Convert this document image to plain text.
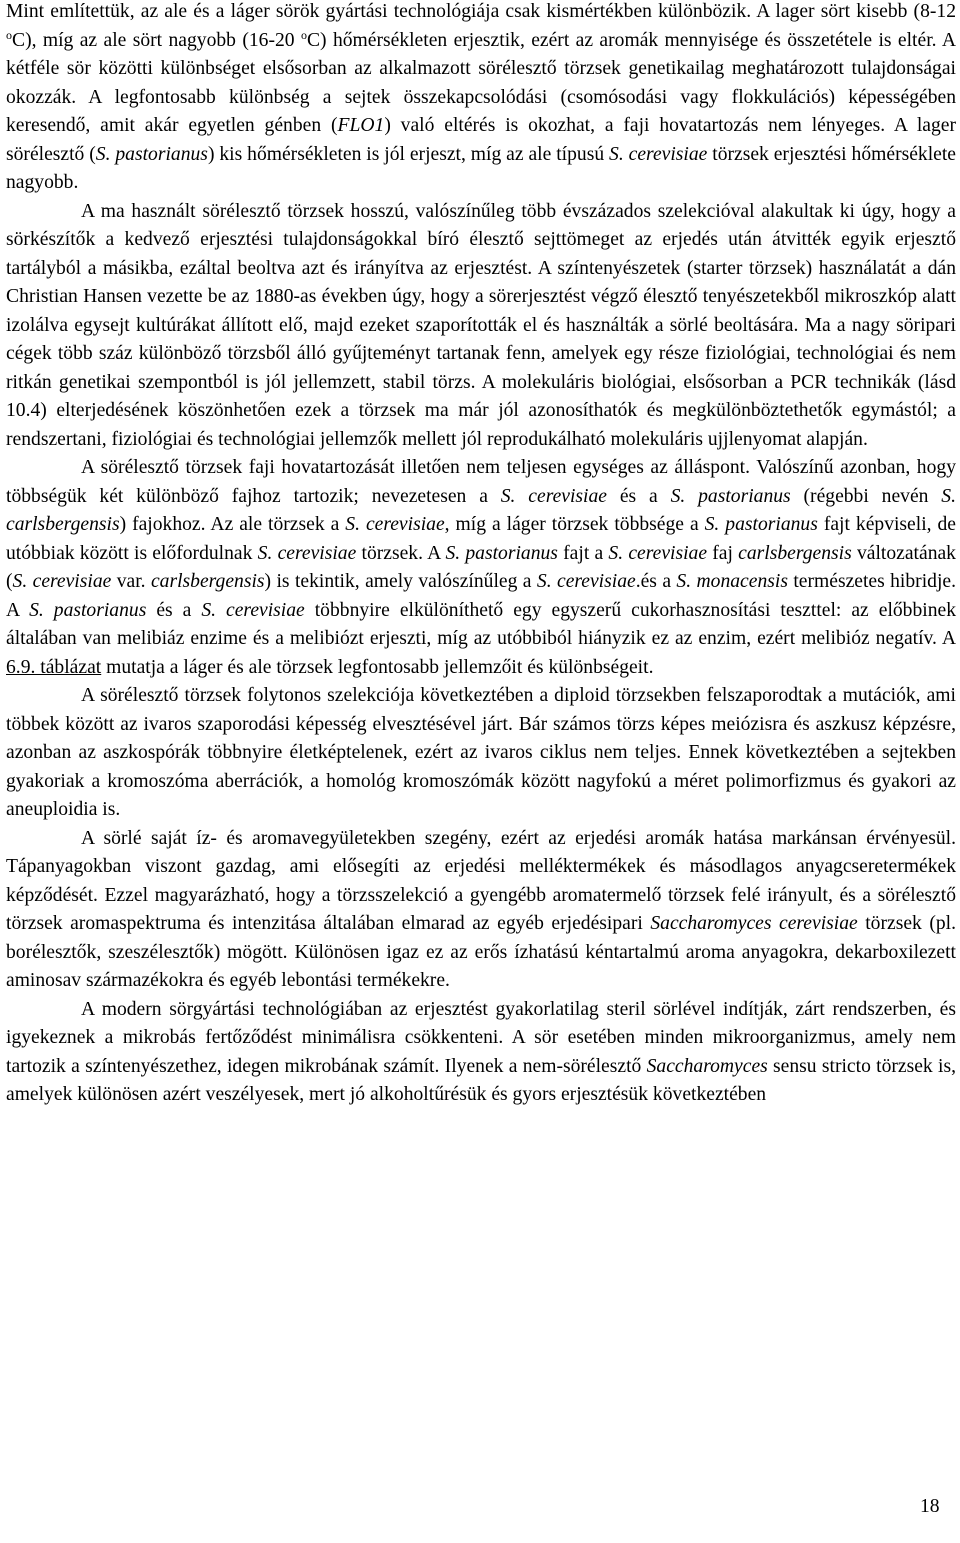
Mint említettük, az ale és a láger sörök gyártási technológiája csak kismértékben különbözik. A lager sört kisebb (8-12 $^o$C), míg az ale sört nagyobb (16-20 $^o$C) hőmérsékleten erjesztik, ezért az aromák mennyisége és összetétele is eltér. A kétféle sör közötti különbséget elsősorban az alkalmazott sörélesztő törzsek genetikailag meghatározott tulajdonságai okozzák. A legfontosabb különbség a sejtek összekapcsolódási (csomósodási vagy flokkulációs) képességében keresendő, amit akár egyetlen génben (FLO1) való eltérés is okozhat, a faji hovatartozás nem lényeges. A lager sörélesztő (S. pastorianus) kis hőmérsékleten is jól erjeszt, míg az ale típusú S. cerevisiae törzsek erjesztési hőmérséklete nagyobb.

A ma használt sörélesztő törzsek hosszú, valószínűleg több évszázados szelekcióval alakultak ki úgy, hogy a sörkészítők a kedvező erjesztési tulajdonságokkal bíró élesztő sejttömeget az erjedés után átvitték egyik erjesztő tartályból a másikba, ezáltal beoltva azt és irányítva az erjesztést. A színtenyészetek (starter törzsek) használatát a dán Christian Hansen vezette be az 1880-as években úgy, hogy a sörerjesztést végző élesztő tenyészetekből mikroszkóp alatt izolálva egysejt kultúrákat állított elő, majd ezeket szaporították el és használták a sörlé beoltására. Ma a nagy söripari cégek több száz különböző törzsből álló gyűjteményt tartanak fenn, amelyek egy része fiziológiai, technológiai és nem ritkán genetikai szempontból is jól jellemzett, stabil törzs. A molekuláris biológiai, elsősorban a PCR technikák (lásd 10.4) elterjedésének köszönhetően ezek a törzsek ma már jól azonosíthatók és megkülönböztethetők egymástól; a rendszertani, fiziológiai és technológiai jellemzők mellett jól reprodukálható molekuláris ujjlenyomat alapján.

A sörélesztő törzsek faji hovatartozását illetően nem teljesen egységes az álláspont. Valószínű azonban, hogy többségük két különböző fajhoz tartozik; nevezetesen a S. cerevisiae és a S. pastorianus (régebbi nevén S. carlsbergensis) fajokhoz. Az ale törzsek a S. cerevisiae, míg a láger törzsek többsége a S. pastorianus fajt képviseli, de utóbbiak között is előfordulnak S. cerevisiae törzsek. A S. pastorianus fajt a S. cerevisiae faj carlsbergensis változatának (S. cerevisiae var. carlsbergensis) is tekintik, amely valószínűleg a S. cerevisiae.és a S. monacensis természetes hibridje. A S. pastorianus és a S. cerevisiae többnyire elkülöníthető egy egyszerű cukorhasznosítási teszttel: az előbbinek általában van melibiáz enzime és a melibiózt erjeszti, míg az utóbbiból hiányzik ez az enzim, ezért melibióz negatív. A 6.9. táblázat mutatja a láger és ale törzsek legfontosabb jellemzőit és különbségeit.

A sörélesztő törzsek folytonos szelekciója következtében a diploid törzsekben felszaporodtak a mutációk, ami többek között az ivaros szaporodási képesség elvesztésével járt. Bár számos törzs képes meiózisra és aszkusz képzésre, azonban az aszkospórák többnyire életképtelenek, ezért az ivaros ciklus nem teljes. Ennek következtében a sejtekben gyakoriak a kromoszóma aberrációk, a homológ kromoszómák között nagyfokú a méret polimorfizmus és gyakori az aneuploidia is.

A sörlé saját íz- és aromavegyületekben szegény, ezért az erjedési aromák hatása markánsan érvényesül. Tápanyagokban viszont gazdag, ami elősegíti az erjedési melléktermékek és másodlagos anyagcseretermékek képződését. Ezzel magyarázható, hogy a törzsszelekció a gyengébb aromatermelő törzsek felé irányult, és a sörélesztő törzsek aromaspektruma és intenzitása általában elmarad az egyéb erjedésipari Saccharomyces cerevisiae törzsek (pl. borélesztők, szeszélesztők) mögött. Különösen igaz ez az erős ízhatású kéntartalmú aroma anyagokra, dekarboxilezett aminosav származékokra és egyéb lebontási termékekre.

A modern sörgyártási technológiában az erjesztést gyakorlatilag steril sörlével indítják, zárt rendszerben, és igyekeznek a mikrobás fertőződést minimálisra csökkenteni. A sör esetében minden mikroorganizmus, amely nem tartozik a színtenyészethez, idegen mikrobának számít. Ilyenek a nem-sörélesztő Saccharomyces sensu stricto törzsek is, amelyek különösen azért veszélyesek, mert jó alkoholtűrésük és gyors erjesztésük következtében

18
